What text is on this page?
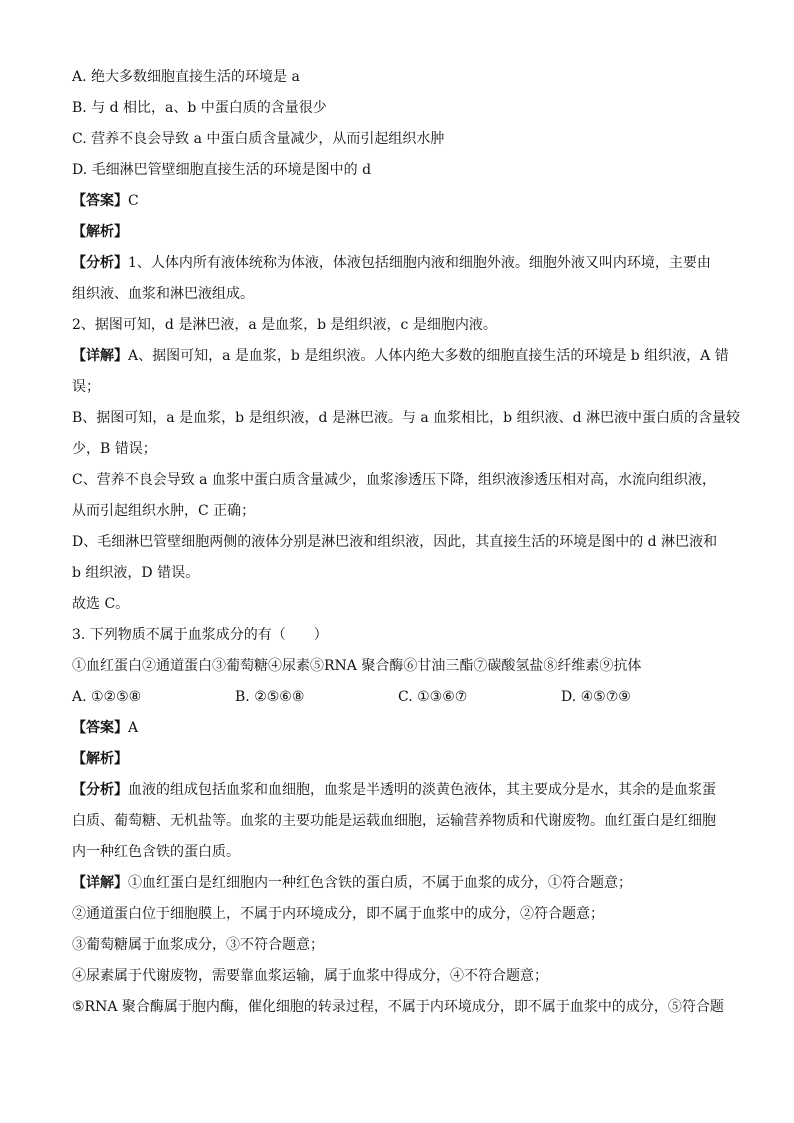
A. 绝大多数细胞直接生活的环境是 a
B. 与 d 相比，a、b 中蛋白质的含量很少
C. 营养不良会导致 a 中蛋白质含量减少，从而引起组织水肿
D. 毛细淋巴管壁细胞直接生活的环境是图中的 d
【答案】C
【解析】
【分析】1、人体内所有液体统称为体液，体液包括细胞内液和细胞外液。细胞外液又叫内环境，主要由
组织液、血浆和淋巴液组成。
2、据图可知，d 是淋巴液，a 是血浆，b 是组织液，c 是细胞内液。
【详解】A、据图可知，a 是血浆，b 是组织液。人体内绝大多数的细胞直接生活的环境是 b 组织液，A 错
误；
B、据图可知，a 是血浆，b 是组织液，d 是淋巴液。与 a 血浆相比，b 组织液、d 淋巴液中蛋白质的含量较
少，B 错误；
C、营养不良会导致 a 血浆中蛋白质含量减少，血浆渗透压下降，组织液渗透压相对高，水流向组织液，
从而引起组织水肿，C 正确；
D、毛细淋巴管壁细胞两侧的液体分别是淋巴液和组织液，因此，其直接生活的环境是图中的 d 淋巴液和
b 组织液，D 错误。
故选 C。
3. 下列物质不属于血浆成分的有（　　）
①血红蛋白②通道蛋白③葡萄糖④尿素⑤RNA 聚合酶⑥甘油三酯⑦碳酸氢盐⑧纤维素⑨抗体
A. ①②⑤⑧	B. ②⑤⑥⑧	C. ①③⑥⑦	D. ④⑤⑦⑨
【答案】A
【解析】
【分析】血液的组成包括血浆和血细胞，血浆是半透明的淡黄色液体，其主要成分是水，其余的是血浆蛋
白质、葡萄糖、无机盐等。血浆的主要功能是运载血细胞，运输营养物质和代谢废物。血红蛋白是红细胞
内一种红色含铁的蛋白质。
【详解】①血红蛋白是红细胞内一种红色含铁的蛋白质，不属于血浆的成分，①符合题意；
②通道蛋白位于细胞膜上，不属于内环境成分，即不属于血浆中的成分，②符合题意；
③葡萄糖属于血浆成分，③不符合题意；
④尿素属于代谢废物，需要靠血浆运输，属于血浆中得成分，④不符合题意；
⑤RNA 聚合酶属于胞内酶，催化细胞的转录过程，不属于内环境成分，即不属于血浆中的成分，⑤符合题
